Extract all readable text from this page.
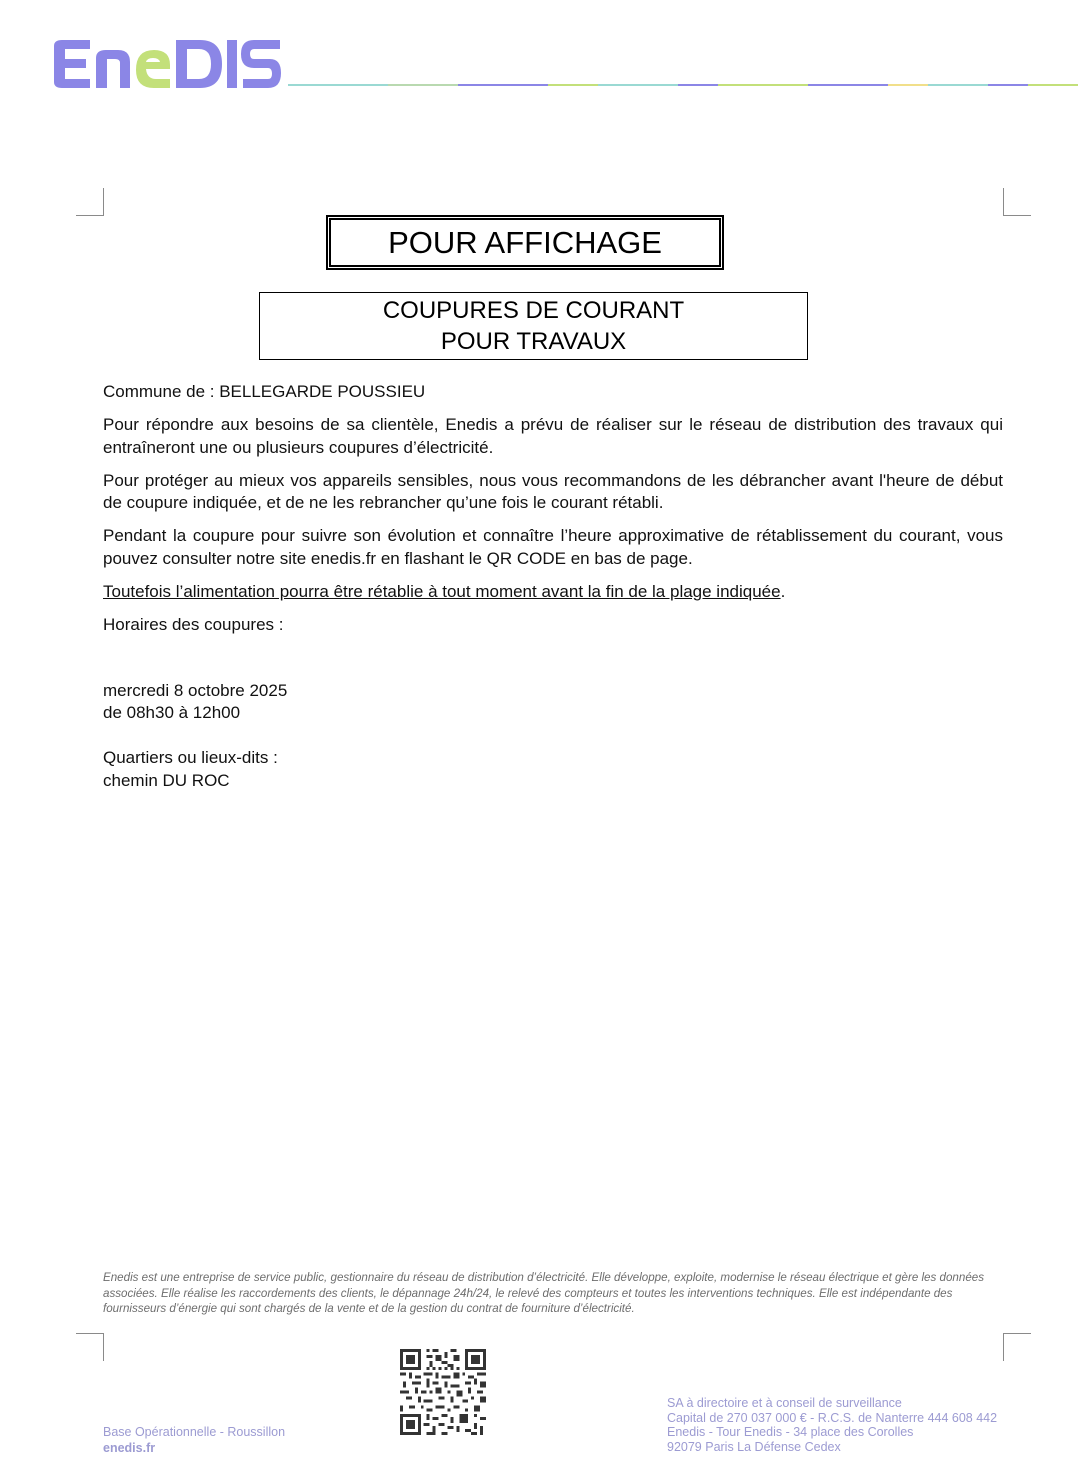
POUR AFFICHAGE
COUPURES DE COURANT
POUR TRAVAUX

Commune de : BELLEGARDE POUSSIEU

Pour répondre aux besoins de sa clientèle, Enedis a prévu de réaliser sur le réseau de distribution des travaux qui entraîneront une ou plusieurs coupures d’électricité.

Pour protéger au mieux vos appareils sensibles, nous vous recommandons de les débrancher avant l'heure de début de coupure indiquée, et de ne les rebrancher qu’une fois le courant rétabli.

Pendant la coupure pour suivre son évolution et connaître l’heure approximative de rétablissement du courant, vous pouvez consulter notre site enedis.fr en flashant le QR CODE en bas de page.

Toutefois l’alimentation pourra être rétablie à tout moment avant la fin de la plage indiquée.

Horaires des coupures :

mercredi 8 octobre 2025
de 08h30 à 12h00
Quartiers ou lieux-dits :
chemin DU ROC
Enedis est une entreprise de service public, gestionnaire du réseau de distribution d’électricité. Elle développe, exploite, modernise le réseau électrique et gère les données associées. Elle réalise les raccordements des clients, le dépannage 24h/24, le relevé des compteurs et toutes les interventions techniques. Elle est indépendante des fournisseurs d’énergie qui sont chargés de la vente et de la gestion du contrat de fourniture d’électricité.
Base Opérationnelle - Roussillon
enedis.fr
SA à directoire et à conseil de surveillance
Capital de 270 037 000 € - R.C.S. de Nanterre 444 608 442
Enedis - Tour Enedis - 34 place des Corolles
92079 Paris La Défense Cedex
